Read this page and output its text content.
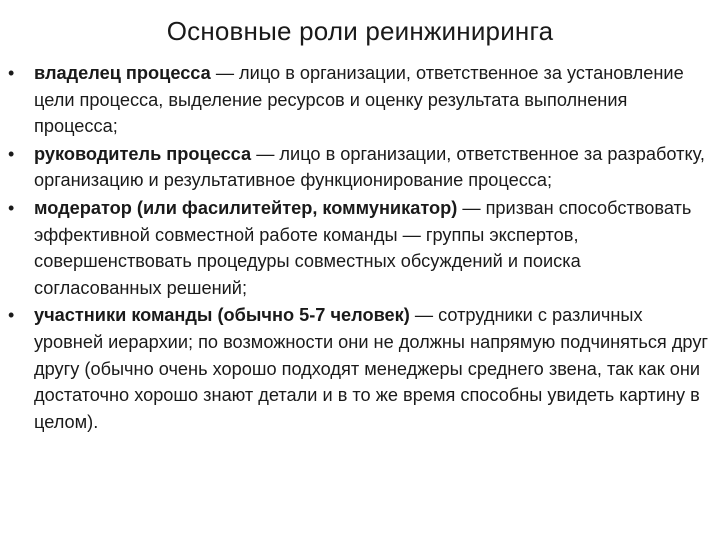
Основные роли реинжиниринга
•	владелец процесса — лицо в организации, ответственное за установление цели процесса, выделение ресурсов и оценку результата выполнения процесса;
•	руководитель процесса — лицо в организации, ответственное за разработку, организацию и результативное функционирование процесса;
•	модератор (или фасилитейтер, коммуникатор) — призван способствовать эффективной совместной работе команды — группы экспертов, совершенствовать процедуры совместных обсуждений и поиска согласованных решений;
•	участники команды (обычно 5-7 человек) — сотрудники с различных уровней иерархии; по возможности они не должны напрямую подчиняться друг другу (обычно очень хорошо подходят менеджеры среднего звена, так как они достаточно хорошо знают детали и в то же время способны увидеть картину в целом).
